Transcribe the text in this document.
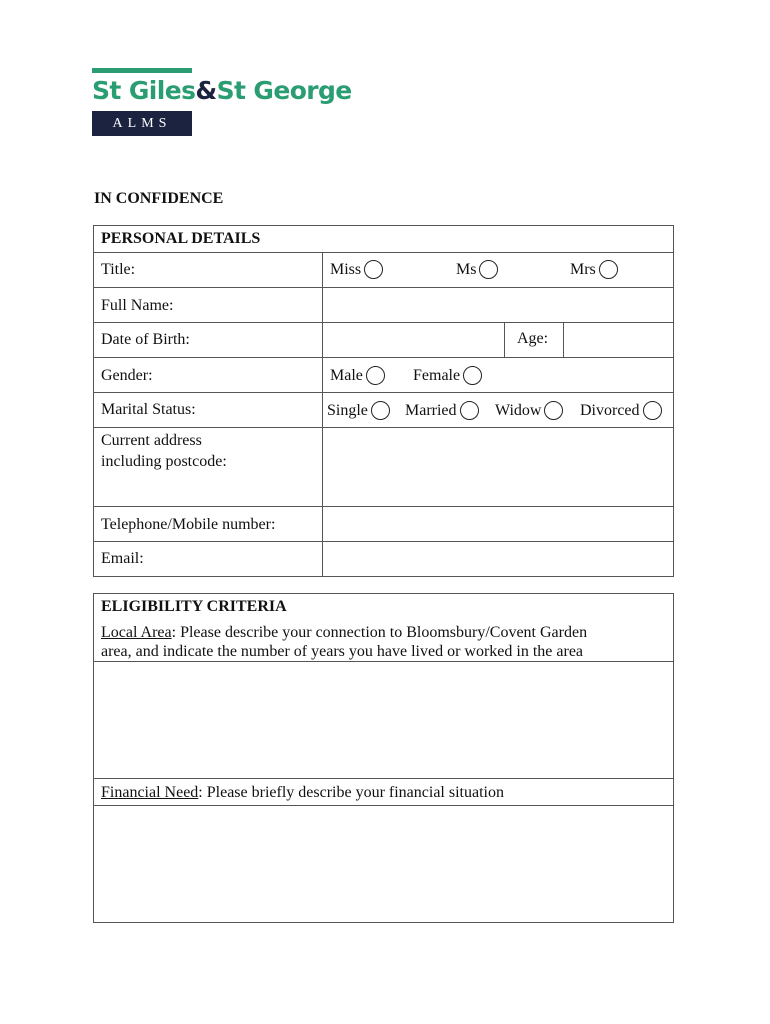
St Giles&St George
ALMS
IN CONFIDENCE
PERSONAL DETAILS
Title:	Miss	Ms	Mrs
Full Name:
Date of Birth:	Age:
Gender:	Male	Female
Marital Status:	Single	Married	Widow	Divorced
Current address
including postcode:
Telephone/Mobile number:
Email:
ELIGIBILITY CRITERIA
Local Area: Please describe your connection to Bloomsbury/Covent Garden
area, and indicate the number of years you have lived or worked in the area
Financial Need: Please briefly describe your financial situation
